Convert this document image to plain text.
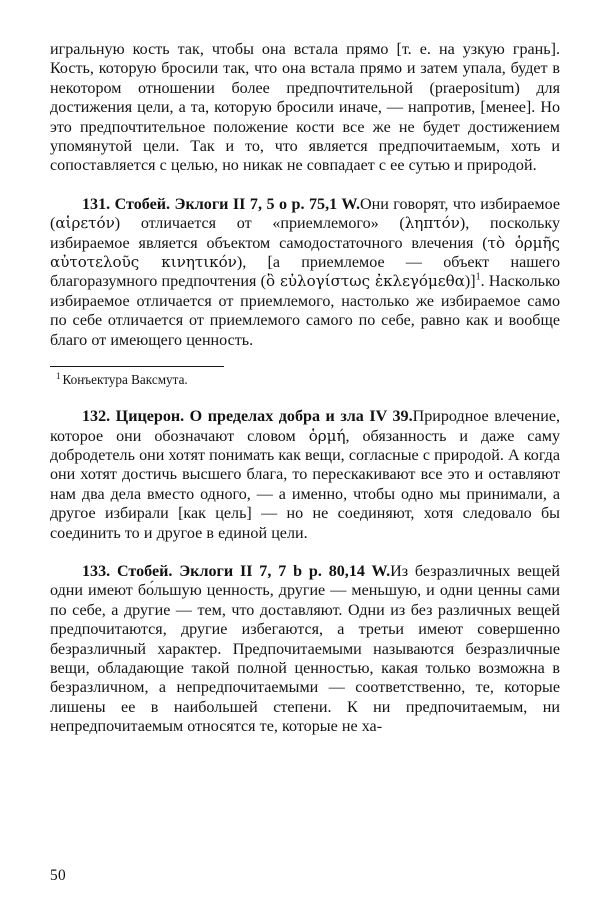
игральную кость так, чтобы она встала прямо [т. е. на узкую грань]. Кость, которую бросили так, что она встала прямо и затем упала, будет в некотором отношении более предпочтительной (praepositum) для достижения цели, а та, которую бросили иначе, — напротив, [менее]. Но это предпочтительное положение кости все же не будет достижением упомянутой цели. Так и то, что является предпочитаемым, хоть и сопоставляется с целью, но никак не совпадает с ее сутью и природой.

131. Стобей. Эклоги II 7, 5 о p. 75,1 W.Они говорят, что избираемое (αἱρετόν) отличается от «приемлемого» (ληπτόν), поскольку избираемое является объектом самодостаточного влечения (τὸ ὁρμῆς αὐτοτελοῦς κινητικόν), [а приемлемое — объект нашего благоразумного предпочтения (ὃ εὐλογίστως ἐκλεγόμεθα)]$^1$. Насколько избираемое отличается от приемлемого, настолько же избираемое само по себе отличается от приемлемого самого по себе, равно как и вообще благо от имеющего ценность.

$^1$ Конъектура Ваксмута.

132. Цицерон. О пределах добра и зла IV 39.Природное влечение, которое они обозначают словом ὁρμή, обязанность и даже саму добродетель они хотят понимать как вещи, согласные с природой. А когда они хотят достичь высшего блага, то перескакивают все это и оставляют нам два дела вместо одного, — а именно, чтобы одно мы принимали, а другое избирали [как цель] — но не соединяют, хотя следовало бы соединить то и другое в единой цели.

133. Стобей. Эклоги II 7, 7 b p. 80,14 W.Из безразличных вещей одни имеют бо́льшую ценность, другие — меньшую, и одни ценны сами по себе, а другие — тем, что доставляют. Одни из без различных вещей предпочитаются, другие избегаются, а третьи имеют совершенно безразличный характер. Предпочитаемыми называются безразличные вещи, обладающие такой полной ценностью, какая только возможна в безразличном, а непредпочитаемыми — соответственно, те, которые лишены ее в наибольшей степени. К ни предпочитаемым, ни непредпочитаемым относятся те, которые не ха-

50
